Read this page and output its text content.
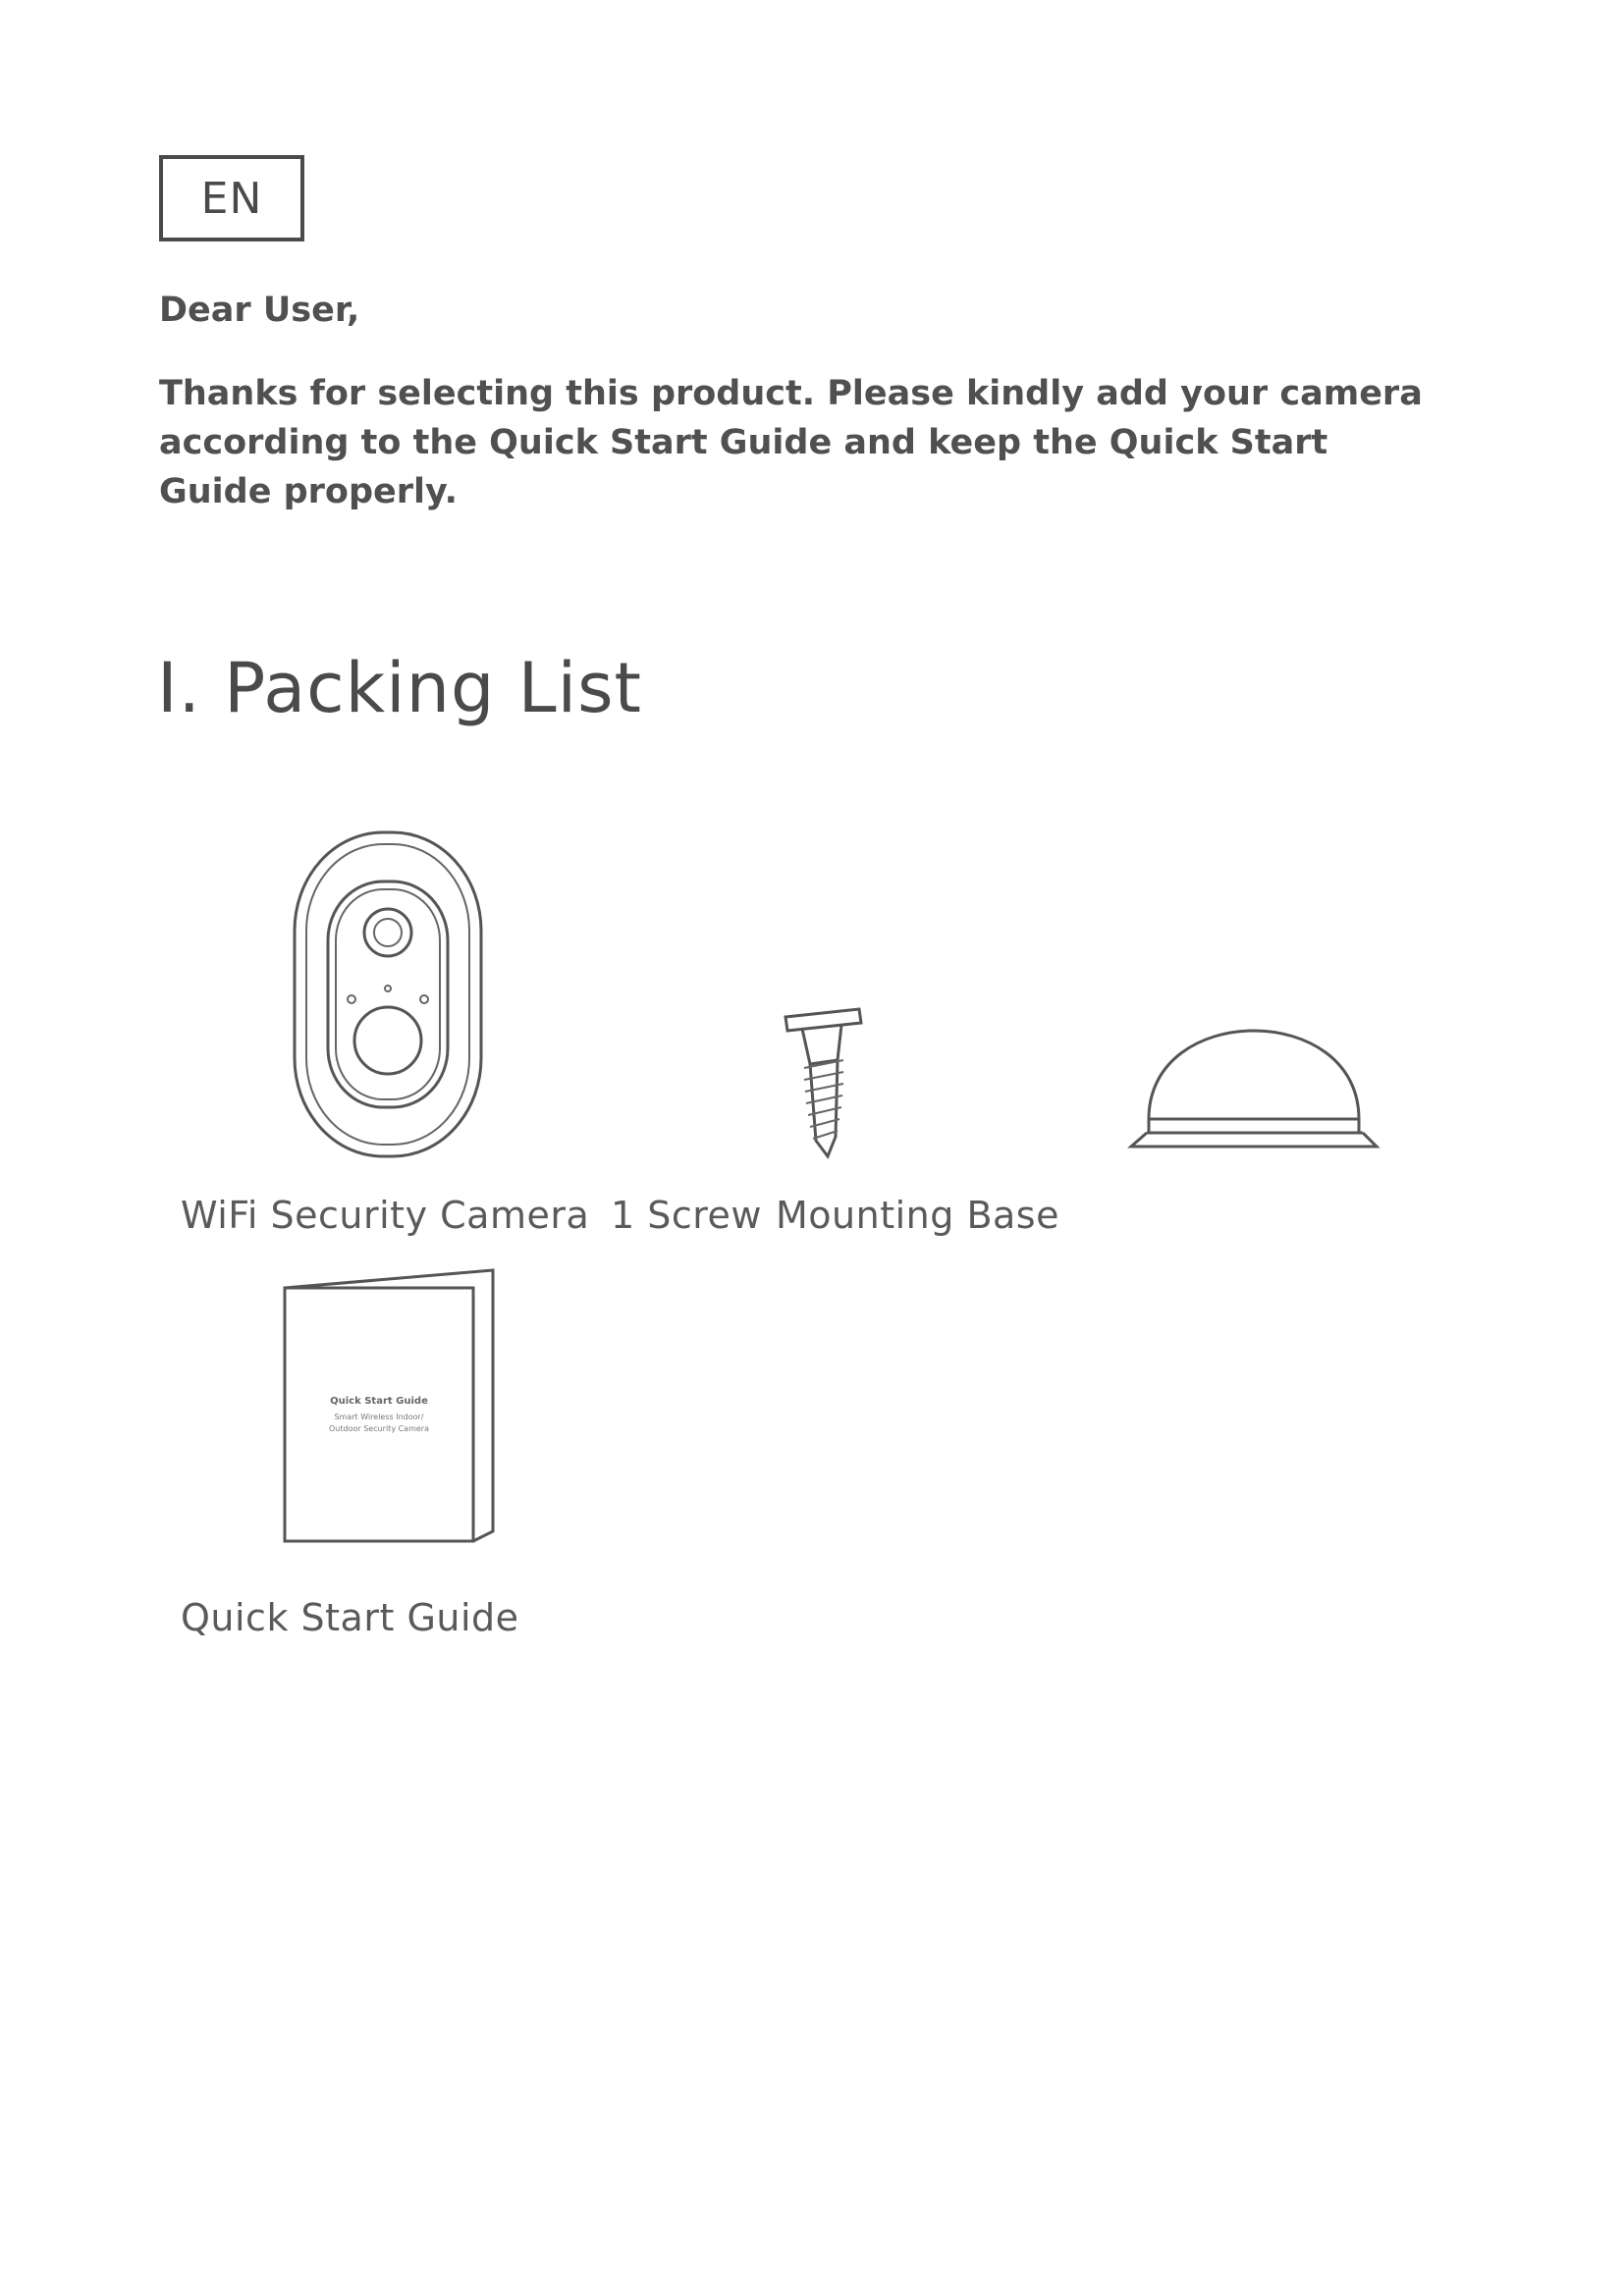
EN
Dear User,

Thanks for selecting this product. Please kindly add your camera according to the Quick Start Guide and keep the Quick Start Guide properly.

I. Packing List
Quick Start Guide
Smart Wireless Indoor/
Outdoor Security Camera
WiFi Security Camera 1 Screw Mounting Base
Quick Start Guide
